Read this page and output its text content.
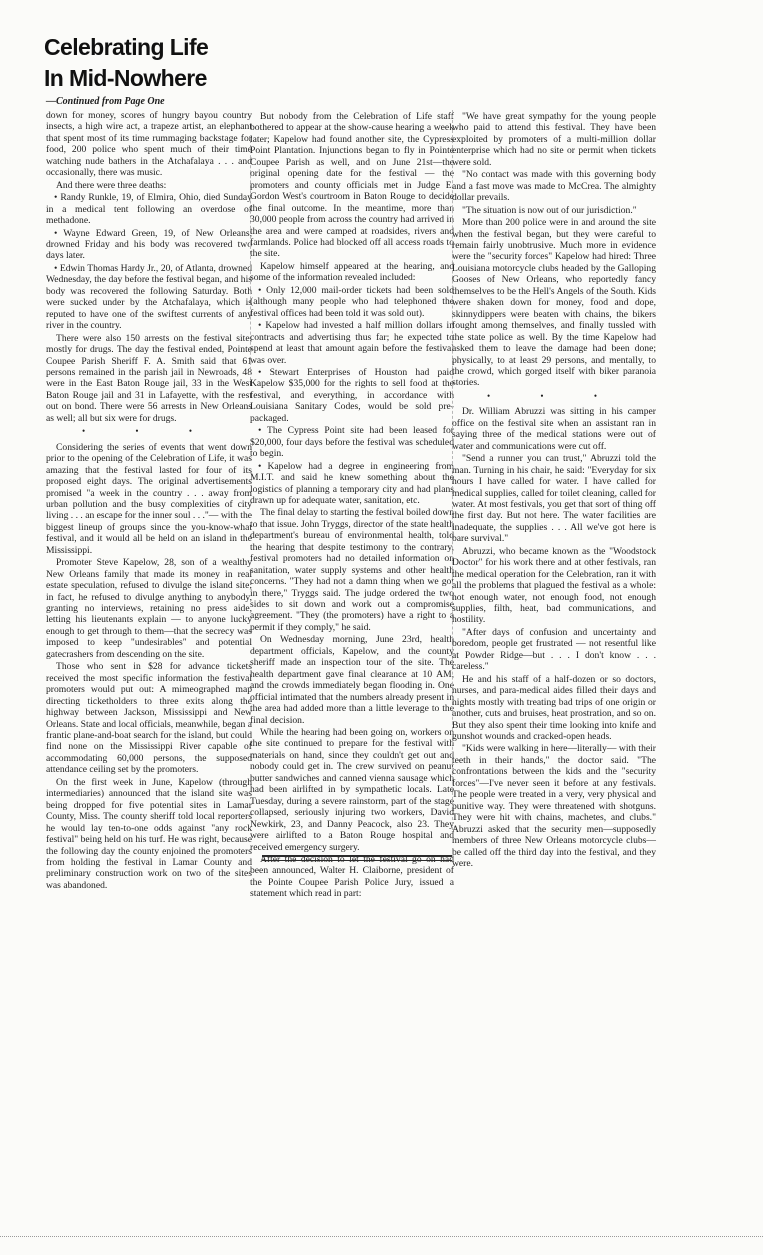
Celebrating Life
In Mid-Nowhere
—Continued from Page One

down for money, scores of hungry bayou country insects, a high wire act, a trapeze artist, an elephant that spent most of its time rummaging backstage for food, 200 police who spent much of their time watching nude bathers in the Atchafalaya . . . and occasionally, there was music.

And there were three deaths:

• Randy Runkle, 19, of Elmira, Ohio, died Sunday in a medical tent following an overdose of methadone.

• Wayne Edward Green, 19, of New Orleans, drowned Friday and his body was recovered two days later.

• Edwin Thomas Hardy Jr., 20, of Atlanta, drowned Wednesday, the day before the festival began, and his body was recovered the following Saturday. Both were sucked under by the Atchafalaya, which is reputed to have one of the swiftest currents of any river in the country.

There were also 150 arrests on the festival site, mostly for drugs. The day the festival ended, Pointe Coupee Parish Sheriff F. A. Smith said that 61 persons remained in the parish jail in Newroads, 48 were in the East Baton Rouge jail, 33 in the West Baton Rouge jail and 31 in Lafayette, with the rest out on bond. There were 56 arrests in New Orleans as well; all but six were for drugs.

• • •

Considering the series of events that went down prior to the opening of the Celebration of Life, it was amazing that the festival lasted for four of its proposed eight days. The original advertisements promised "a week in the country . . . away from urban pollution and the busy complexities of city living . . . an escape for the inner soul . . ."— with the biggest lineup of groups since the you-know-what festival, and it would all be held on an island in the Mississippi.

Promoter Steve Kapelow, 28, son of a wealthy New Orleans family that made its money in real estate speculation, refused to divulge the island site; in fact, he refused to divulge anything to anybody, granting no interviews, retaining no press aide, letting his lieutenants explain — to anyone lucky enough to get through to them—that the secrecy was imposed to keep "undesirables" and potential gatecrashers from descending on the site.

Those who sent in $28 for advance tickets received the most specific information the festival promoters would put out: A mimeographed map directing ticketholders to three exits along the highway between Jackson, Mississippi and New Orleans. State and local officials, meanwhile, began a frantic plane-and-boat search for the island, but could find none on the Mississippi River capable of accommodating 60,000 persons, the supposed attendance ceiling set by the promoters.

On the first week in June, Kapelow (through intermediaries) announced that the island site was being dropped for five potential sites in Lamar County, Miss. The county sheriff told local reporters he would lay ten-to-one odds against "any rock festival" being held on his turf. He was right, because the following day the county enjoined the promoters from holding the festival in Lamar County and preliminary construction work on two of the sites was abandoned.

But nobody from the Celebration of Life staff bothered to appear at the show-cause hearing a week later; Kapelow had found another site, the Cypress Point Plantation. Injunctions began to fly in Pointe Coupee Parish as well, and on June 21st—the original opening date for the festival — the promoters and county officials met in Judge E. Gordon West's courtroom in Baton Rouge to decide the final outcome. In the meantime, more than 30,000 people from across the country had arrived in the area and were camped at roadsides, rivers and farmlands. Police had blocked off all access roads to the site.

Kapelow himself appeared at the hearing, and some of the information revealed included:

• Only 12,000 mail-order tickets had been sold (although many people who had telephoned the festival offices had been told it was sold out).

• Kapelow had invested a half million dollars in contracts and advertising thus far; he expected to spend at least that amount again before the festival was over.

• Stewart Enterprises of Houston had paid Kapelow $35,000 for the rights to sell food at the festival, and everything, in accordance with Louisiana Sanitary Codes, would be sold pre-packaged.

• The Cypress Point site had been leased for $20,000, four days before the festival was scheduled to begin.

• Kapelow had a degree in engineering from M.I.T. and said he knew something about the logistics of planning a temporary city and had plans drawn up for adequate water, sanitation, etc.

The final delay to starting the festival boiled down to that issue. John Tryggs, director of the state health department's bureau of environmental health, told the hearing that despite testimony to the contrary, festival promoters had no detailed information on sanitation, water supply systems and other health concerns. "They had not a damn thing when we got in there," Tryggs said. The judge ordered the two sides to sit down and work out a compromise agreement. "They (the promoters) have a right to a permit if they comply," he said.

On Wednesday morning, June 23rd, health department officials, Kapelow, and the county sheriff made an inspection tour of the site. The health department gave final clearance at 10 AM, and the crowds immediately began flooding in. One official intimated that the numbers already present in the area had added more than a little leverage to the final decision.

While the hearing had been going on, workers on the site continued to prepare for the festival with materials on hand, since they couldn't get out and nobody could get in. The crew survived on peanut butter sandwiches and canned vienna sausage which had been airlifted in by sympathetic locals. Late Tuesday, during a severe rainstorm, part of the stage collapsed, seriously injuring two workers, David Newkirk, 23, and Danny Peacock, also 23. They were airlifted to a Baton Rouge hospital and received emergency surgery.

After the decision to let the festival go on had been announced, Walter H. Claiborne, president of the Pointe Coupee Parish Police Jury, issued a statement which read in part:

"We have great sympathy for the young people who paid to attend this festival. They have been exploited by promoters of a multi-million dollar enterprise which had no site or permit when tickets were sold.

"No contact was made with this governing body and a fast move was made to McCrea. The almighty dollar prevails.

"The situation is now out of our jurisdiction."

More than 200 police were in and around the site when the festival began, but they were careful to remain fairly unobtrusive. Much more in evidence were the "security forces" Kapelow had hired: Three Louisiana motorcycle clubs headed by the Galloping Gooses of New Orleans, who reportedly fancy themselves to be the Hell's Angels of the South. Kids were shaken down for money, food and dope, skinnydippers were beaten with chains, the bikers fought among themselves, and finally tussled with the state police as well. By the time Kapelow had asked them to leave the damage had been done; physically, to at least 29 persons, and mentally, to the crowd, which gorged itself with biker paranoia stories.

• • •

Dr. William Abruzzi was sitting in his camper office on the festival site when an assistant ran in saying three of the medical stations were out of water and communications were cut off.

"Send a runner you can trust," Abruzzi told the man. Turning in his chair, he said: "Everyday for six hours I have called for water. I have called for medical supplies, called for toilet cleaning, called for water. At most festivals, you get that sort of thing off the first day. But not here. The water facilities are inadequate, the supplies . . . All we've got here is bare survival."

Abruzzi, who became known as the "Woodstock Doctor" for his work there and at other festivals, ran the medical operation for the Celebration, ran it with all the problems that plagued the festival as a whole: not enough water, not enough food, not enough supplies, filth, heat, bad communications, and hostility.

"After days of confusion and uncertainty and boredom, people get frustrated — not resentful like at Powder Ridge—but . . . I don't know . . . careless."

He and his staff of a half-dozen or so doctors, nurses, and para-medical aides filled their days and nights mostly with treating bad trips of one origin or another, cuts and bruises, heat prostration, and so on. But they also spent their time looking into knife and gunshot wounds and cracked-open heads.

"Kids were walking in here—literally— with their teeth in their hands," the doctor said. "The confrontations between the kids and the "security forces"—I've never seen it before at any festivals. The people were treated in a very, very physical and punitive way. They were threatened with shotguns. They were hit with chains, machetes, and clubs." Abruzzi asked that the security men—supposedly members of three New Orleans motorcycle clubs— be called off the third day into the festival, and they were.
